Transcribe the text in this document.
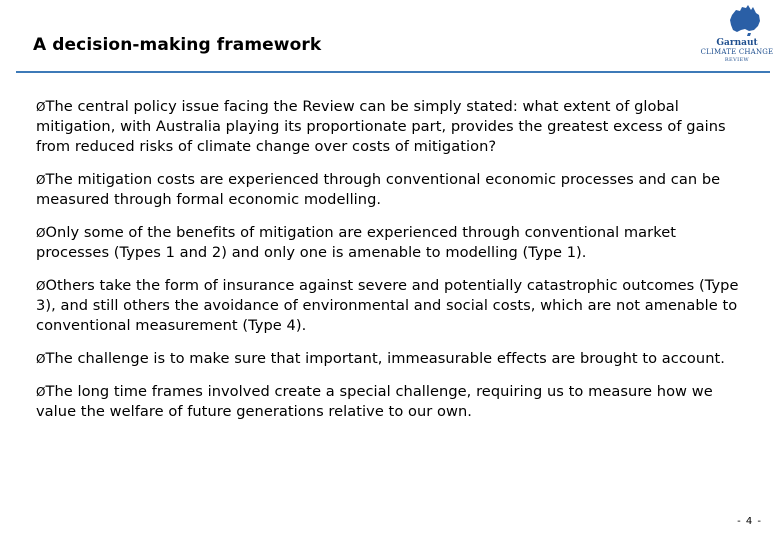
A decision-making framework	Garnaut
CLIMATE CHANGE
REVIEW
ØThe central policy issue facing the Review can be simply stated: what extent of global mitigation, with Australia playing its proportionate part, provides the greatest excess of gains from reduced risks of climate change over costs of mitigation?
ØThe mitigation costs are experienced through conventional economic processes and can be measured through formal economic modelling.
ØOnly some of the benefits of mitigation are experienced through conventional market processes (Types 1 and 2) and only one is amenable to modelling (Type 1).
ØOthers take the form of insurance against severe and potentially catastrophic outcomes (Type 3), and still others the avoidance of environmental and social costs, which are not amenable to conventional measurement (Type 4).
ØThe challenge is to make sure that important, immeasurable effects are brought to account.
ØThe long time frames involved create a special challenge, requiring us to measure how we value the welfare of future generations relative to our own.
- 4 -
